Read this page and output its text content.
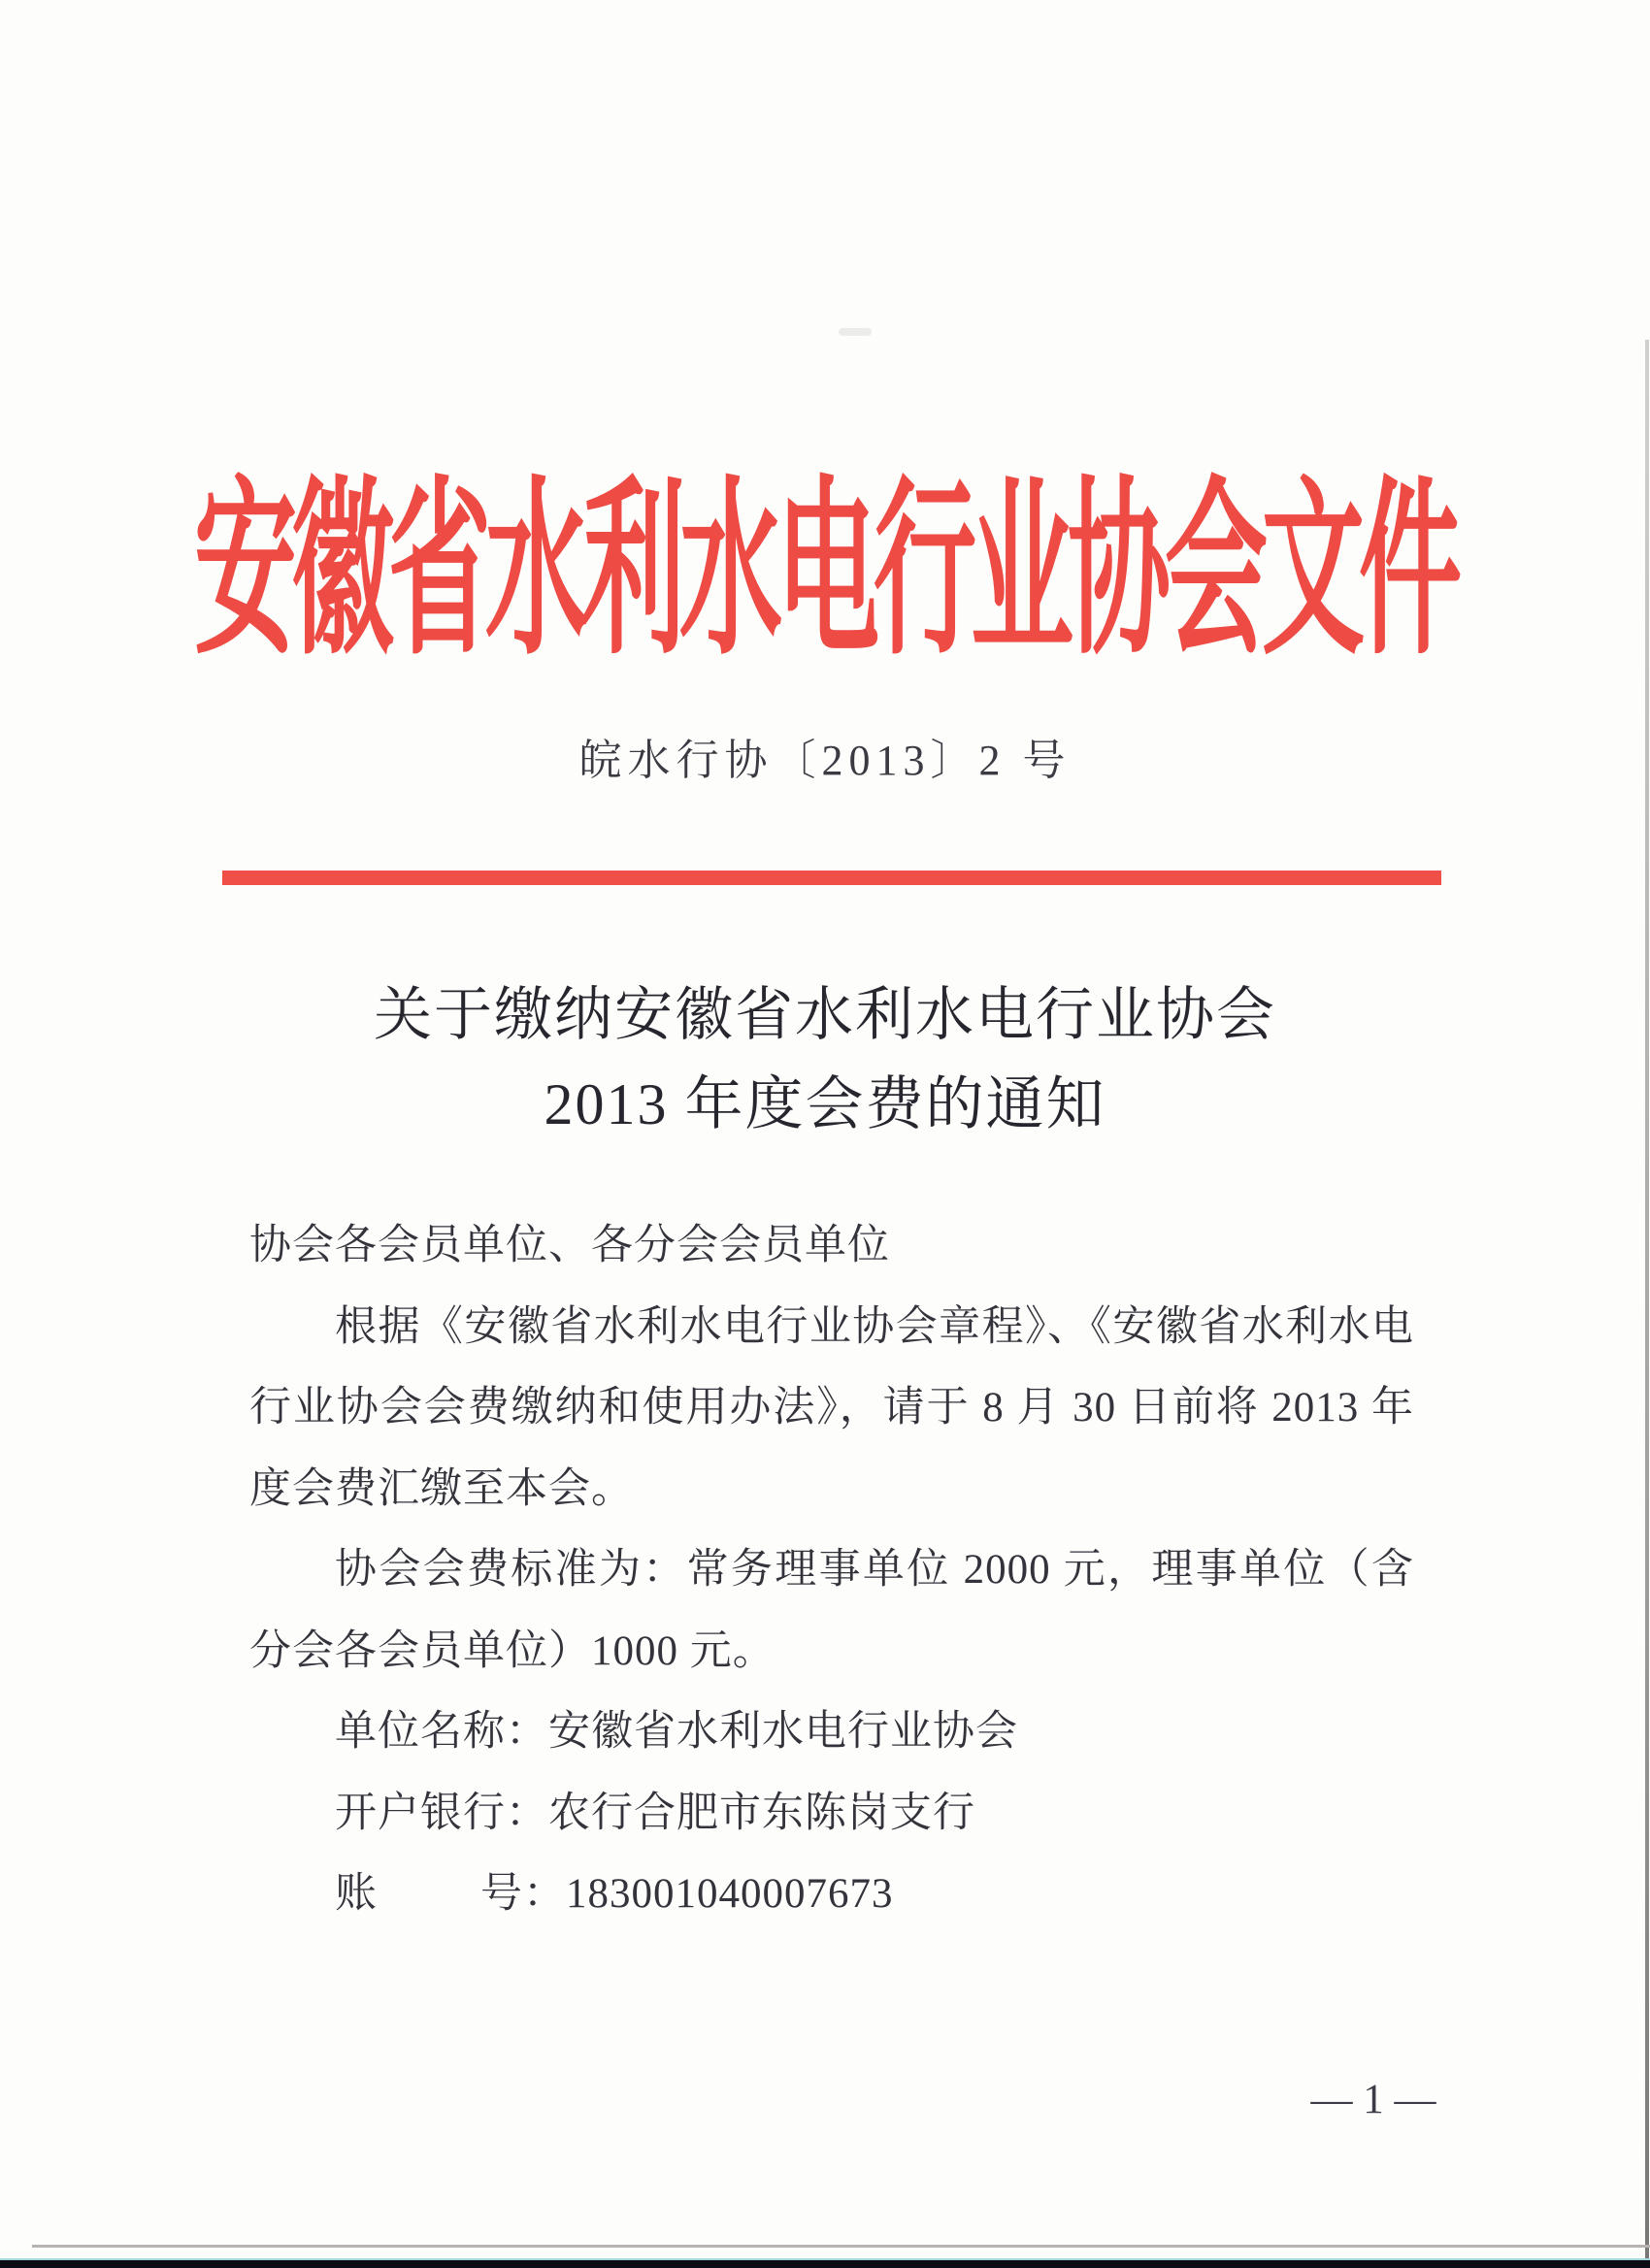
安徽省水利水电行业协会文件
皖水行协〔2013〕2 号
关于缴纳安徽省水利水电行业协会
2013 年度会费的通知
协会各会员单位、各分会会员单位
根据《安徽省水利水电行业协会章程》、《安徽省水利水电
行业协会会费缴纳和使用办法》，请于 8 月 30 日前将 2013 年
度会费汇缴至本会。
协会会费标准为：常务理事单位 2000 元，理事单位（含
分会各会员单位）1000 元。
单位名称：安徽省水利水电行业协会
开户银行：农行合肥市东陈岗支行
账 号：183001040007673
— 1 —
